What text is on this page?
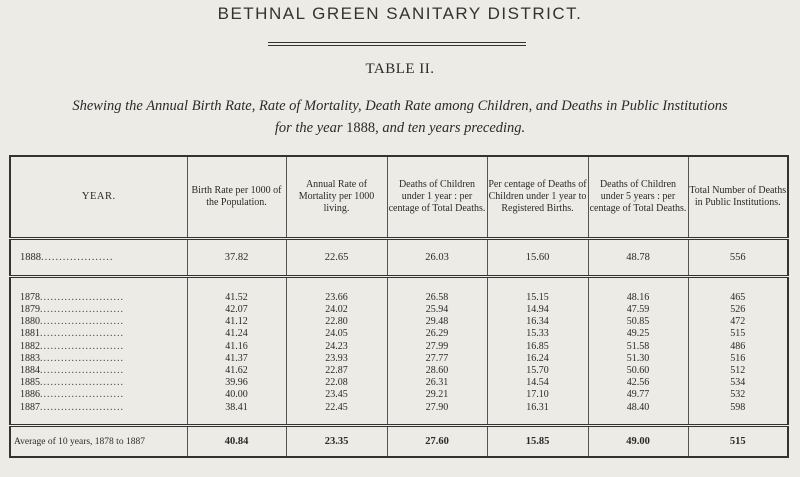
BETHNAL GREEN SANITARY DISTRICT.
TABLE II.
Shewing the Annual Birth Rate, Rate of Mortality, Death Rate among Children, and Deaths in Public Institutions
for the year 1888, and ten years preceding.
YEAR.	Birth Rate per 1000 of the Population.	Annual Rate of Mortality per 1000 living.	Deaths of Children under 1 year : per centage of Total Deaths.	Per centage of Deaths of Children under 1 year to Registered Births.	Deaths of Children under 5 years : per centage of Total Deaths.	Total Number of Deaths in Public Institutions.
1888....................	37.82	22.65	26.03	15.60	48.78	556

1878........................	41.52	23.66	26.58	15.15	48.16	465
1879........................	42.07	24.02	25.94	14.94	47.59	526
1880........................	41.12	22.80	29.48	16.34	50.85	472
1881........................	41.24	24.05	26.29	15.33	49.25	515
1882........................	41.16	24.23	27.99	16.85	51.58	486
1883........................	41.37	23.93	27.77	16.24	51.30	516
1884........................	41.62	22.87	28.60	15.70	50.60	512
1885........................	39.96	22.08	26.31	14.54	42.56	534
1886........................	40.00	23.45	29.21	17.10	49.77	532
1887........................	38.41	22.45	27.90	16.31	48.40	598

Average of 10 years, 1878 to 1887	40.84	23.35	27.60	15.85	49.00	515
